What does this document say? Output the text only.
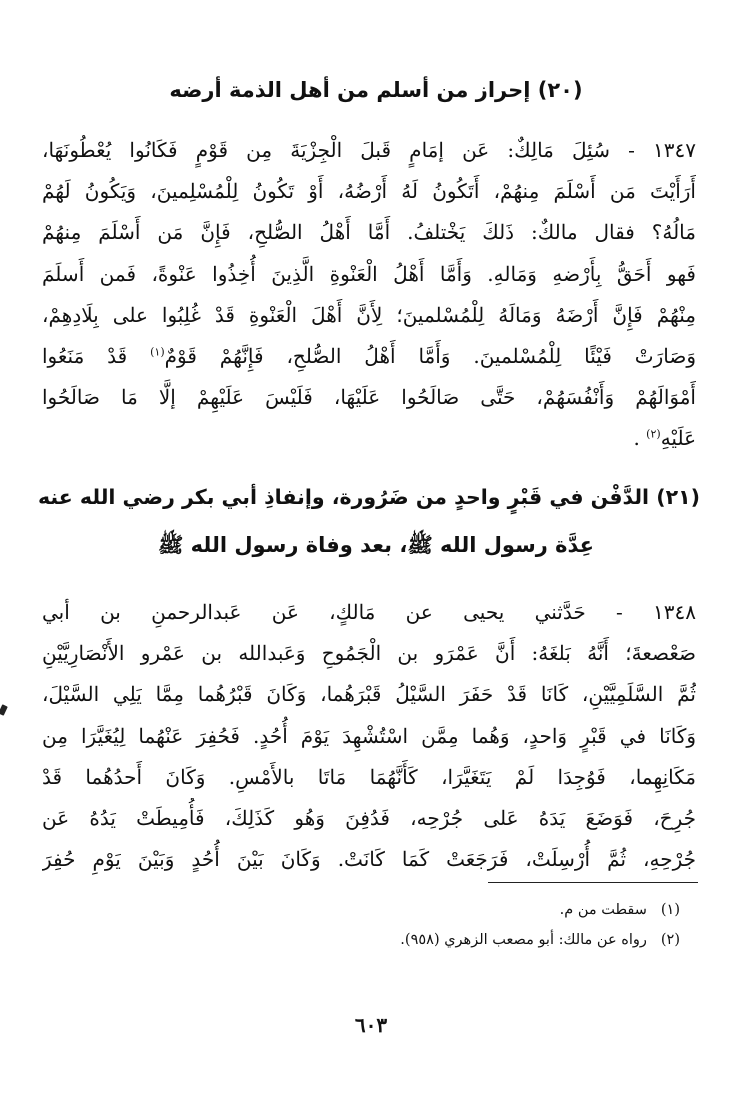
(٢٠) إحراز من أسلم من أهل الذمة أرضه
١٣٤٧ - سُئِلَ مَالِكٌ: عَن إمَامٍ قَبلَ الْجِزْيَةَ مِن قَوْمٍ فَكَانُوا يُعْطُونَهَا،
أَرَأَيْتَ مَن أَسْلَمَ مِنهُمْ، أَتَكُونُ لَهُ أَرْضُهُ، أَوْ تَكُونُ لِلْمُسْلِمينَ، وَيَكُونُ لَهُمْ
مَالُهُ؟ فقال مالكٌ: ذَلكَ يَخْتلفُ. أَمَّا أَهْلُ الصُّلحِ، فَإِنَّ مَن أَسْلَمَ مِنهُمْ
فَهو أَحَقُّ بِأَرْضهِ وَمَالهِ. وَأَمَّا أَهْلُ الْعَنْوةِ الَّذِينَ أُخِذُوا عَنْوةً، فَمن أَسلَمَ
مِنْهُمْ فَإِنَّ أَرْضَهُ وَمَالَهُ لِلْمُسْلمينَ؛ لِأَنَّ أَهْلَ الْعَنْوةِ قَدْ غُلِبُوا على بِلَادِهِمْ،
وَصَارَتْ فَيْئًا لِلْمُسْلمينَ. وَأَمَّا أَهْلُ الصُّلحِ، فَإِنَّهُمْ قَوْمٌ$^{(١)}$ قَدْ مَنَعُوا
أَمْوَالَهُمْ وَأَنْفُسَهُمْ، حَتَّى صَالَحُوا عَلَيْهَا، فَلَيْسَ عَلَيْهِمْ إلَّا مَا صَالَحُوا
عَلَيْهِ$^{(٢)}$ .
(٢١) الدَّفْن في قَبْرٍ واحدٍ من ضَرُورة، وإنفاذِ أبي بكر رضي الله عنه
عِدَّة رسول الله ﷺ، بعد وفاة رسول الله ﷺ
١٣٤٨ - حَدَّثني يحيى عن مَالكٍ، عَن عَبدالرحمنِ بن أبي
صَعْصعةَ؛ أَنَّهُ بَلغَهُ: أَنَّ عَمْرَو بن الْجَمُوحِ وَعَبدالله بن عَمْرو الأَنْصَارِيَّيْنِ
ثُمَّ السَّلَمِيَّيْنِ، كَانَا قَدْ حَفَرَ السَّيْلُ قَبْرَهُما، وَكَانَ قَبْرُهُما مِمَّا يَلِي السَّيْلَ،
وَكَانَا في قَبْرٍ وَاحدٍ، وَهُما مِمَّن اسْتُشْهِدَ يَوْمَ أُحُدٍ. فَحُفِرَ عَنْهُما لِيُغَيَّرَا مِن
مَكَانِهِما، فَوُجِدَا لَمْ يَتَغَيَّرَا، كَأَنَّهُمَا مَاتَا بالأَمْسِ. وَكَانَ أَحدُهُما قَدْ
جُرِحَ، فَوَضَعَ يَدَهُ عَلى جُرْحِه، فَدُفِنَ وَهُو كَذَلِكَ، فَأُمِيطَتْ يَدُهُ عَن
جُرْحِهِ، ثُمَّ أُرْسِلَتْ، فَرَجَعَتْ كَمَا كَانَتْ. وَكَانَ بَيْنَ أُحُدٍ وَبَيْنَ يَوْمِ حُفِرَ
(١)سقطت من م.
(٢)رواه عن مالك: أبو مصعب الزهري (٩٥٨).
٦٠٣
